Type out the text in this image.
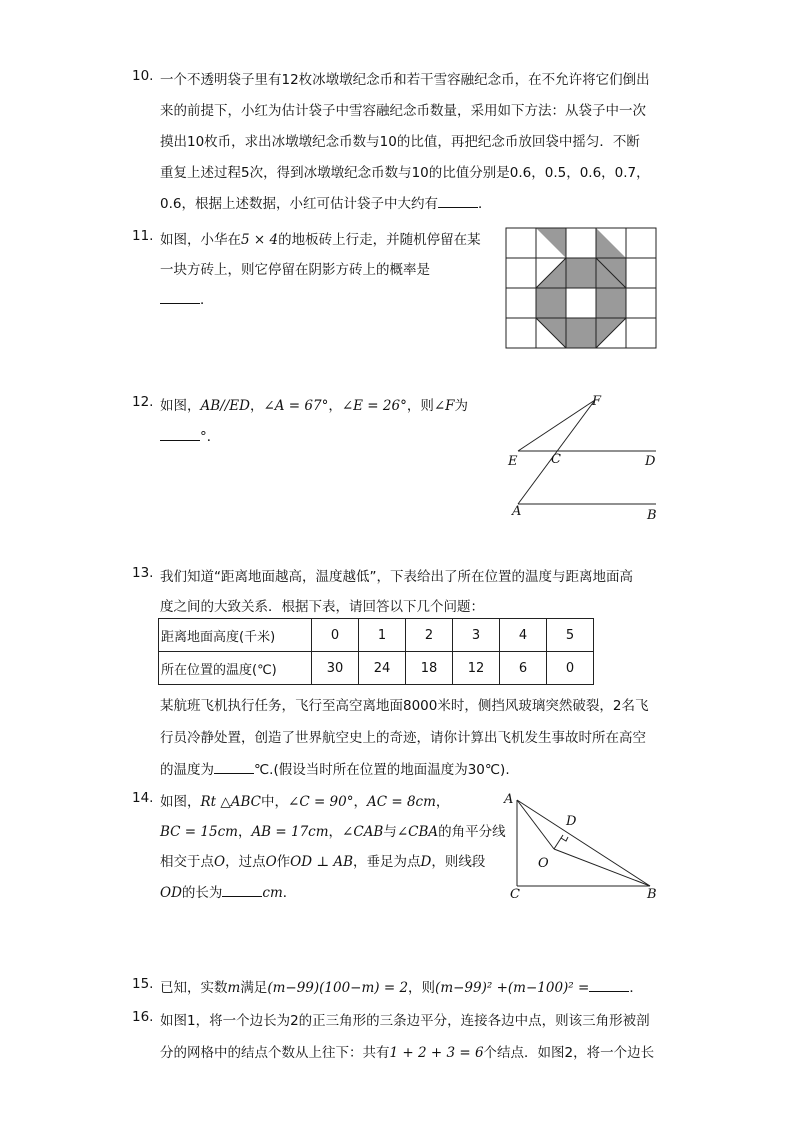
10. 一个不透明袋子里有12枚冰墩墩纪念币和若干雪容融纪念币，在不允许将它们倒出
来的前提下，小红为估计袋子中雪容融纪念币数量，采用如下方法：从袋子中一次
摸出10枚币，求出冰墩墩纪念币数与10的比值，再把纪念币放回袋中摇匀．不断
重复上述过程5次，得到冰墩墩纪念币数与10的比值分别是0.6，0.5，0.6，0.7，
0.6，根据上述数据，小红可估计袋子中大约有	．
11. 如图，小华在5 × 4的地板砖上行走，并随机停留在某
一块方砖上，则它停留在阴影方砖上的概率是
．
12. 如图，AB//ED，∠A = 67°，∠E = 26°，则∠F为
°．
F
E	C	D
A	B
13. 我们知道“距离地面越高，温度越低”，下表给出了所在位置的温度与距离地面高
度之间的大致关系．根据下表，请回答以下几个问题：
距离地面高度(千米)	0	1	2	3	4	5
所在位置的温度(℃)	30	24	18	12	6	0
某航班飞机执行任务，飞行至高空离地面8000米时，侧挡风玻璃突然破裂，2名飞
行员冷静处置，创造了世界航空史上的奇迹，请你计算出飞机发生事故时所在高空
的温度为	℃.(假设当时所在位置的地面温度为30℃).
14. 如图，Rt △ABC中，∠C = 90°，AC = 8cm，
BC = 15cm，AB = 17cm，∠CAB与∠CBA的角平分线
相交于点O，过点O作OD ⊥ AB，垂足为点D，则线段
OD的长为	cm．
A
D
O
C	B
15. 已知，实数m满足(m−99)(100−m) = 2，则(m−99)² +(m−100)² =	．
16. 如图1，将一个边长为2的正三角形的三条边平分，连接各边中点，则该三角形被剖
分的网格中的结点个数从上往下：共有1 + 2 + 3 = 6个结点．如图2，将一个边长
